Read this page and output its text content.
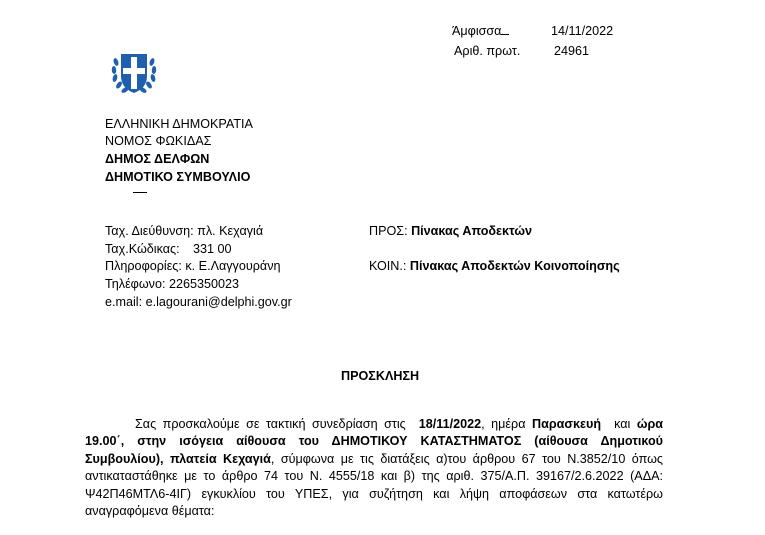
Άμφισσα	14/11/2022
Αριθ. πρωτ.	24961
ΕΛΛΗΝΙΚΗ ΔΗΜΟΚΡΑΤΙΑ
ΝΟΜΟΣ ΦΩΚΙΔΑΣ
ΔΗΜΟΣ ΔΕΛΦΩΝ
ΔΗΜΟΤΙΚΟ ΣΥΜΒΟΥΛΙΟ
Ταχ. Διεύθυνση: πλ. Κεχαγιά
Ταχ.Κώδικας: 331 00
Πληροφορίες: κ. Ε.Λαγγουράνη
Τηλέφωνο: 2265350023
e.mail: e.lagourani@delphi.gov.gr
ΠΡΟΣ: Πίνακας Αποδεκτών
ΚΟΙΝ.: Πίνακας Αποδεκτών Κοινοποίησης
ΠΡΟΣΚΛΗΣΗ

Σας προσκαλούμε σε τακτική συνεδρίαση στις 18/11/2022, ημέρα Παρασκευή και ώρα 19.00΄, στην ισόγεια αίθουσα του ΔΗΜΟΤΙΚΟΥ ΚΑΤΑΣΤΗΜΑΤΟΣ (αίθουσα Δημοτικού Συμβουλίου), πλατεία Κεχαγιά, σύμφωνα με τις διατάξεις α)του άρθρου 67 του Ν.3852/10 όπως αντικαταστάθηκε με το άρθρο 74 του Ν. 4555/18 και β) της αριθ. 375/Α.Π. 39167/2.6.2022 (ΑΔΑ: Ψ42Π46ΜΤΛ6-4ΙΓ) εγκυκλίου του ΥΠΕΣ, για συζήτηση και λήψη αποφάσεων στα κατωτέρω αναγραφόμενα θέματα:
